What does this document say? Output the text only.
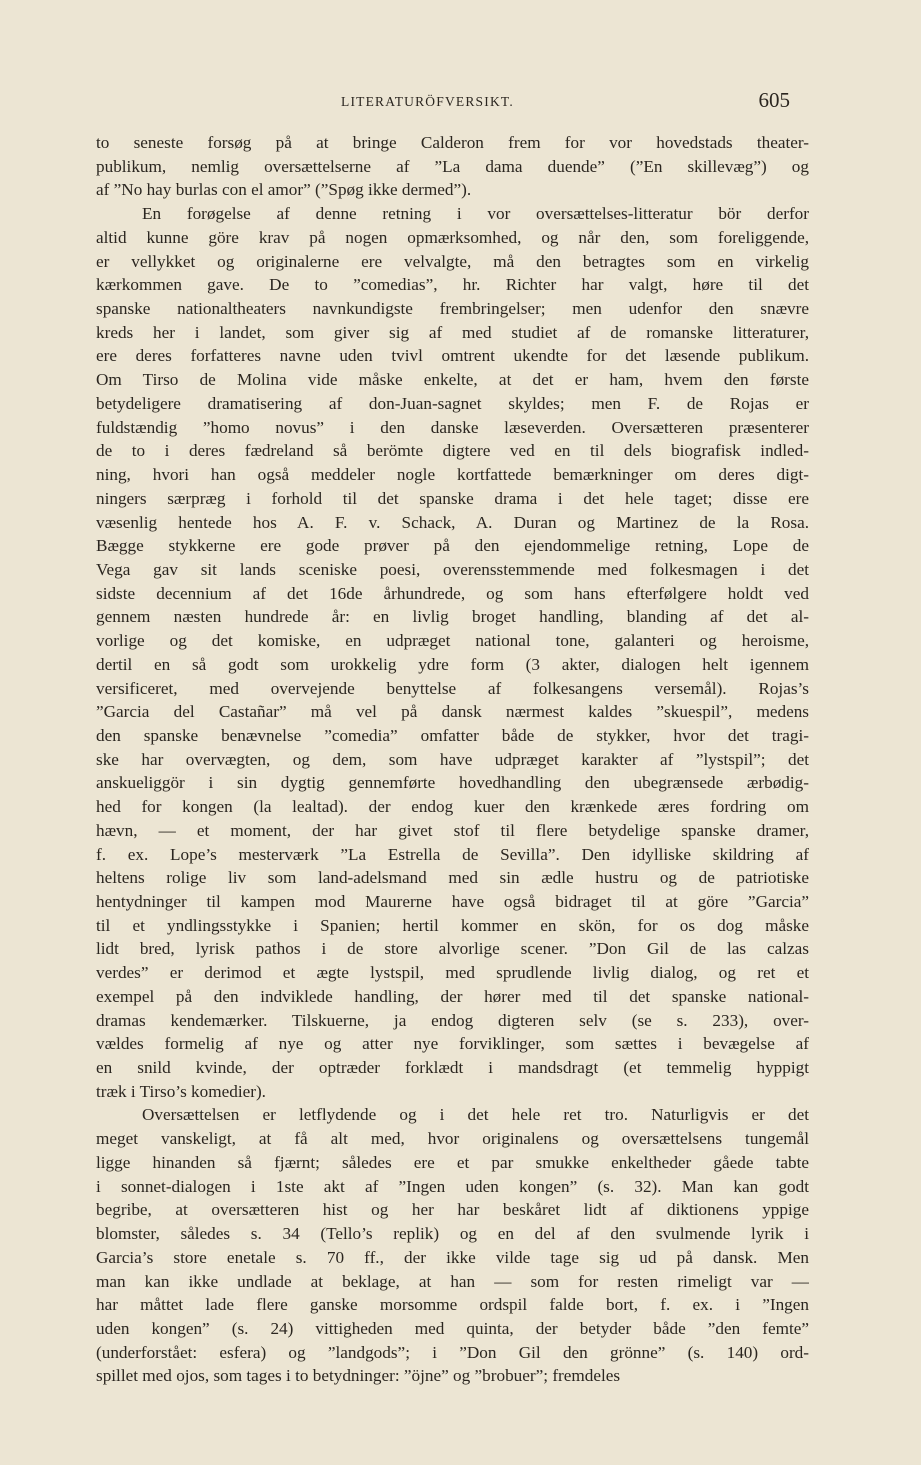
LITERATURÖFVERSIKT.	605
to seneste forsøg på at bringe Calderon frem for vor hovedstads theater-
publikum, nemlig oversættelserne af ”La dama duende” (”En skillevæg”) og
af ”No hay burlas con el amor” (”Spøg ikke dermed”).
En forøgelse af denne retning i vor oversættelses-litteratur bör derfor
altid kunne göre krav på nogen opmærksomhed, og når den, som foreliggende,
er vellykket og originalerne ere velvalgte, må den betragtes som en virkelig
kærkommen gave. De to ”comedias”, hr. Richter har valgt, høre til det
spanske nationaltheaters navnkundigste frembringelser; men udenfor den snævre
kreds her i landet, som giver sig af med studiet af de romanske litteraturer,
ere deres forfatteres navne uden tvivl omtrent ukendte for det læsende publikum.
Om Tirso de Molina vide måske enkelte, at det er ham, hvem den første
betydeligere dramatisering af don-Juan-sagnet skyldes; men F. de Rojas er
fuldstændig ”homo novus” i den danske læseverden. Oversætteren præsenterer
de to i deres fædreland så berömte digtere ved en til dels biografisk indled-
ning, hvori han også meddeler nogle kortfattede bemærkninger om deres digt-
ningers særpræg i forhold til det spanske drama i det hele taget; disse ere
væsenlig hentede hos A. F. v. Schack, A. Duran og Martinez de la Rosa.
Bægge stykkerne ere gode prøver på den ejendommelige retning, Lope de
Vega gav sit lands sceniske poesi, overensstemmende med folkesmagen i det
sidste decennium af det 16de århundrede, og som hans efterfølgere holdt ved
gennem næsten hundrede år: en livlig broget handling, blanding af det al-
vorlige og det komiske, en udpræget national tone, galanteri og heroisme,
dertil en så godt som urokkelig ydre form (3 akter, dialogen helt igennem
versificeret, med overvejende benyttelse af folkesangens versemål). Rojas’s
”Garcia del Castañar” må vel på dansk nærmest kaldes ”skuespil”, medens
den spanske benævnelse ”comedia” omfatter både de stykker, hvor det tragi-
ske har overvægten, og dem, som have udpræget karakter af ”lystspil”; det
anskueliggör i sin dygtig gennemførte hovedhandling den ubegrænsede ærbødig-
hed for kongen (la lealtad). der endog kuer den krænkede æres fordring om
hævn, — et moment, der har givet stof til flere betydelige spanske dramer,
f. ex. Lope’s mesterværk ”La Estrella de Sevilla”. Den idylliske skildring af
heltens rolige liv som land-adelsmand med sin ædle hustru og de patriotiske
hentydninger til kampen mod Maurerne have også bidraget til at göre ”Garcia”
til et yndlingsstykke i Spanien; hertil kommer en skön, for os dog måske
lidt bred, lyrisk pathos i de store alvorlige scener. ”Don Gil de las calzas
verdes” er derimod et ægte lystspil, med sprudlende livlig dialog, og ret et
exempel på den indviklede handling, der hører med til det spanske national-
dramas kendemærker. Tilskuerne, ja endog digteren selv (se s. 233), over-
vældes formelig af nye og atter nye forviklinger, som sættes i bevægelse af
en snild kvinde, der optræder forklædt i mandsdragt (et temmelig hyppigt
træk i Tirso’s komedier).
Oversættelsen er letflydende og i det hele ret tro. Naturligvis er det
meget vanskeligt, at få alt med, hvor originalens og oversættelsens tungemål
ligge hinanden så fjærnt; således ere et par smukke enkeltheder gåede tabte
i sonnet-dialogen i 1ste akt af ”Ingen uden kongen” (s. 32). Man kan godt
begribe, at oversætteren hist og her har beskåret lidt af diktionens yppige
blomster, således s. 34 (Tello’s replik) og en del af den svulmende lyrik i
Garcia’s store enetale s. 70 ff., der ikke vilde tage sig ud på dansk. Men
man kan ikke undlade at beklage, at han — som for resten rimeligt var —
har måttet lade flere ganske morsomme ordspil falde bort, f. ex. i ”Ingen
uden kongen” (s. 24) vittigheden med quinta, der betyder både ”den femte”
(underforstået: esfera) og ”landgods”; i ”Don Gil den grönne” (s. 140) ord-
spillet med ojos, som tages i to betydninger: ”öjne” og ”brobuer”; fremdeles
